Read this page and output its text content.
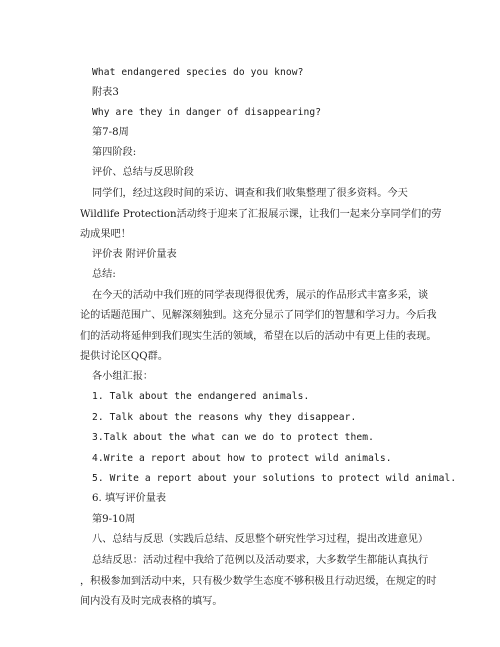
What endangered species do you know?
附表3
Why are they in danger of disappearing?
第7-8周
第四阶段:
评价、总结与反思阶段
同学们，经过这段时间的采访、调查和我们收集整理了很多资料。今天
Wildlife Protection活动终于迎来了汇报展示课，让我们一起来分享同学们的劳
动成果吧！
评价表 附评价量表
总结:
在今天的活动中我们班的同学表现得很优秀，展示的作品形式丰富多采，谈
论的话题范围广、见解深刻独到。这充分显示了同学们的智慧和学习力。今后我
们的活动将延伸到我们现实生活的领域，希望在以后的活动中有更上佳的表现。
提供讨论区QQ群。
各小组汇报：
1. Talk about the endangered animals.
2. Talk about the reasons why they disappear.
3.Talk about the what can we do to protect them.
4.Write a report about how to protect wild animals.
5. Write a report about your solutions to protect wild animal.
6. 填写评价量表
第9-10周
八、总结与反思（实践后总结、反思整个研究性学习过程，提出改进意见）
总结反思：活动过程中我给了范例以及活动要求，大多数学生都能认真执行
，积极参加到活动中来，只有极少数学生态度不够积极且行动迟缓，在规定的时
间内没有及时完成表格的填写。
